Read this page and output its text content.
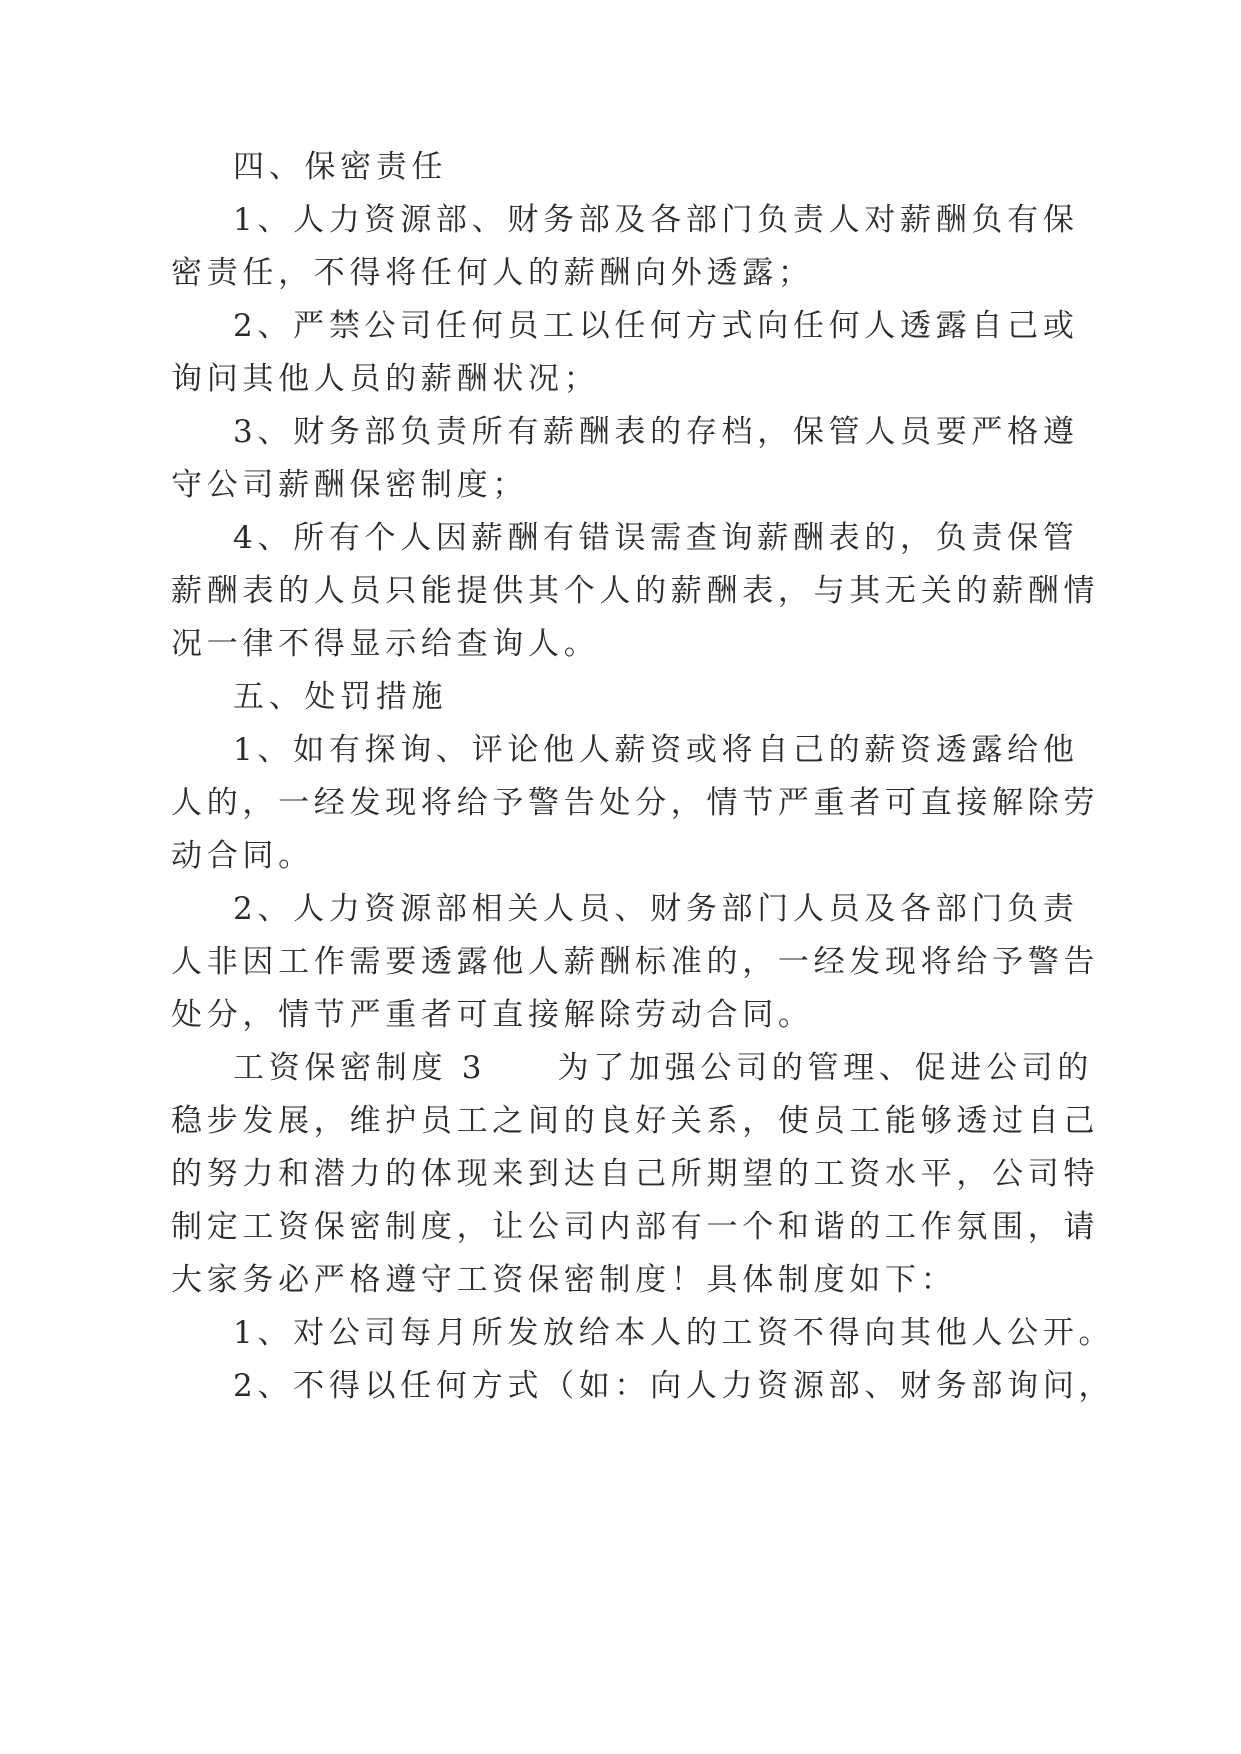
四、保密责任
1、人力资源部、财务部及各部门负责人对薪酬负有保
密责任，不得将任何人的薪酬向外透露；
2、严禁公司任何员工以任何方式向任何人透露自己或
询问其他人员的薪酬状况；
3、财务部负责所有薪酬表的存档，保管人员要严格遵
守公司薪酬保密制度；
4、所有个人因薪酬有错误需查询薪酬表的，负责保管
薪酬表的人员只能提供其个人的薪酬表，与其无关的薪酬情
况一律不得显示给查询人。
五、处罚措施
1、如有探询、评论他人薪资或将自己的薪资透露给他
人的，一经发现将给予警告处分，情节严重者可直接解除劳
动合同。
2、人力资源部相关人员、财务部门人员及各部门负责
人非因工作需要透露他人薪酬标准的，一经发现将给予警告
处分，情节严重者可直接解除劳动合同。
工资保密制度 3　　为了加强公司的管理、促进公司的
稳步发展，维护员工之间的良好关系，使员工能够透过自己
的努力和潜力的体现来到达自己所期望的工资水平，公司特
制定工资保密制度，让公司内部有一个和谐的工作氛围，请
大家务必严格遵守工资保密制度！具体制度如下：
1、对公司每月所发放给本人的工资不得向其他人公开。
2、不得以任何方式（如：向人力资源部、财务部询问，
